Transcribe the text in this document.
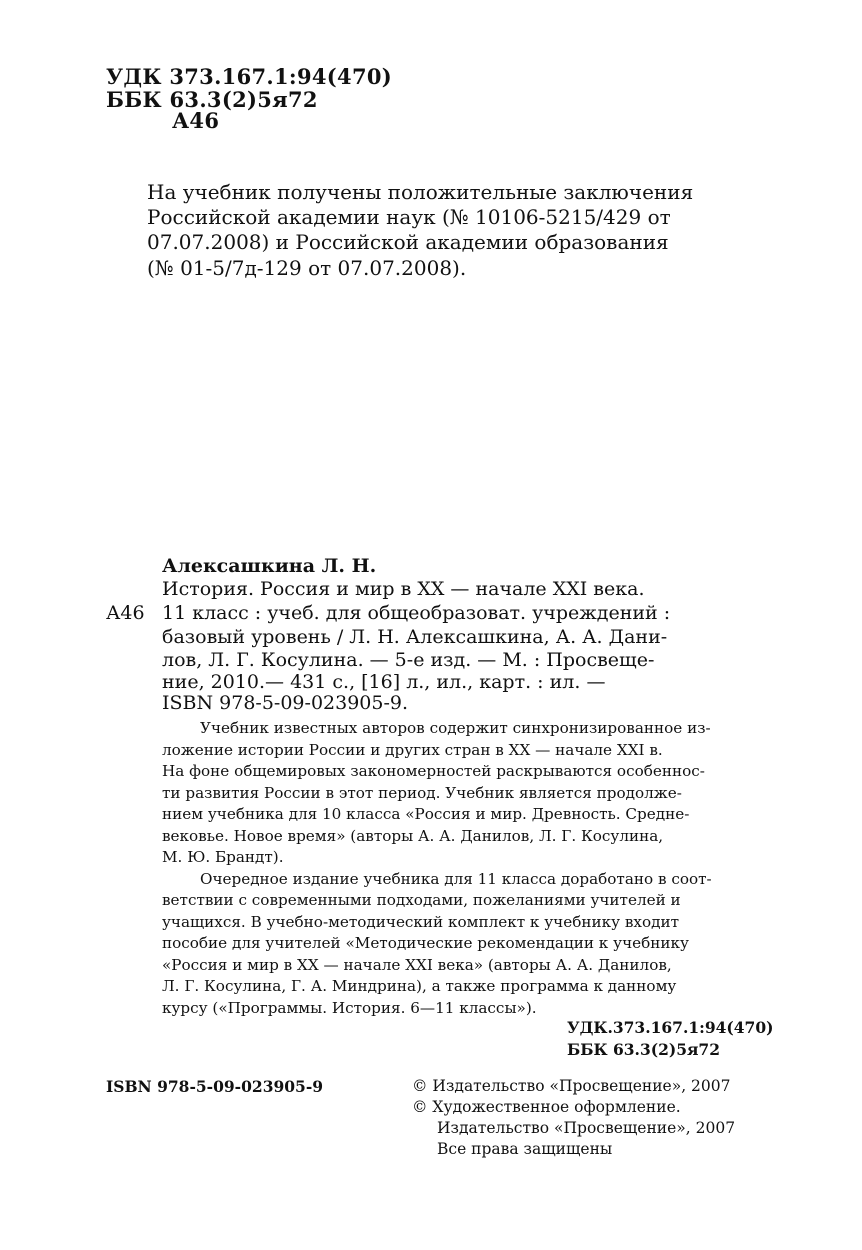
УДК 373.167.1:94(470)
ББК 63.3(2)5я72
А46
На учебник получены положительные заключения
Российской академии наук (№ 10106-5215/429 от
07.07.2008) и Российской академии образования
(№ 01-5/7д-129 от 07.07.2008).
Алексашкина Л. Н.
А46
История. Россия и мир в XX — начале XXI века.
11 класс : учеб. для общеобразоват. учреждений :
базовый уровень / Л. Н. Алексашкина, А. А. Дани-
лов, Л. Г. Косулина. — 5-е изд. — М. : Просвеще-
ние, 2010.— 431 с., [16] л., ил., карт. : ил. —
ISBN 978-5-09-023905-9.
Учебник известных авторов содержит синхронизированное из-
ложение истории России и других стран в XX — начале XXI в.
На фоне общемировых закономерностей раскрываются особеннос-
ти развития России в этот период. Учебник является продолже-
нием учебника для 10 класса «Россия и мир. Древность. Средне-
вековье. Новое время» (авторы А. А. Данилов, Л. Г. Косулина,
М. Ю. Брандт).
Очередное издание учебника для 11 класса доработано в соот-
ветствии с современными подходами, пожеланиями учителей и
учащихся. В учебно-методический комплект к учебнику входит
пособие для учителей «Методические рекомендации к учебнику
«Россия и мир в XX — начале XXI века» (авторы А. А. Данилов,
Л. Г. Косулина, Г. А. Миндрина), а также программа к данному
курсу («Программы. История. 6—11 классы»).
УДК.373.167.1:94(470)
ББК 63.3(2)5я72
ISBN 978-5-09-023905-9	© Издательство «Просвещение», 2007
© Художественное оформление.
Издательство «Просвещение», 2007
Все права защищены
